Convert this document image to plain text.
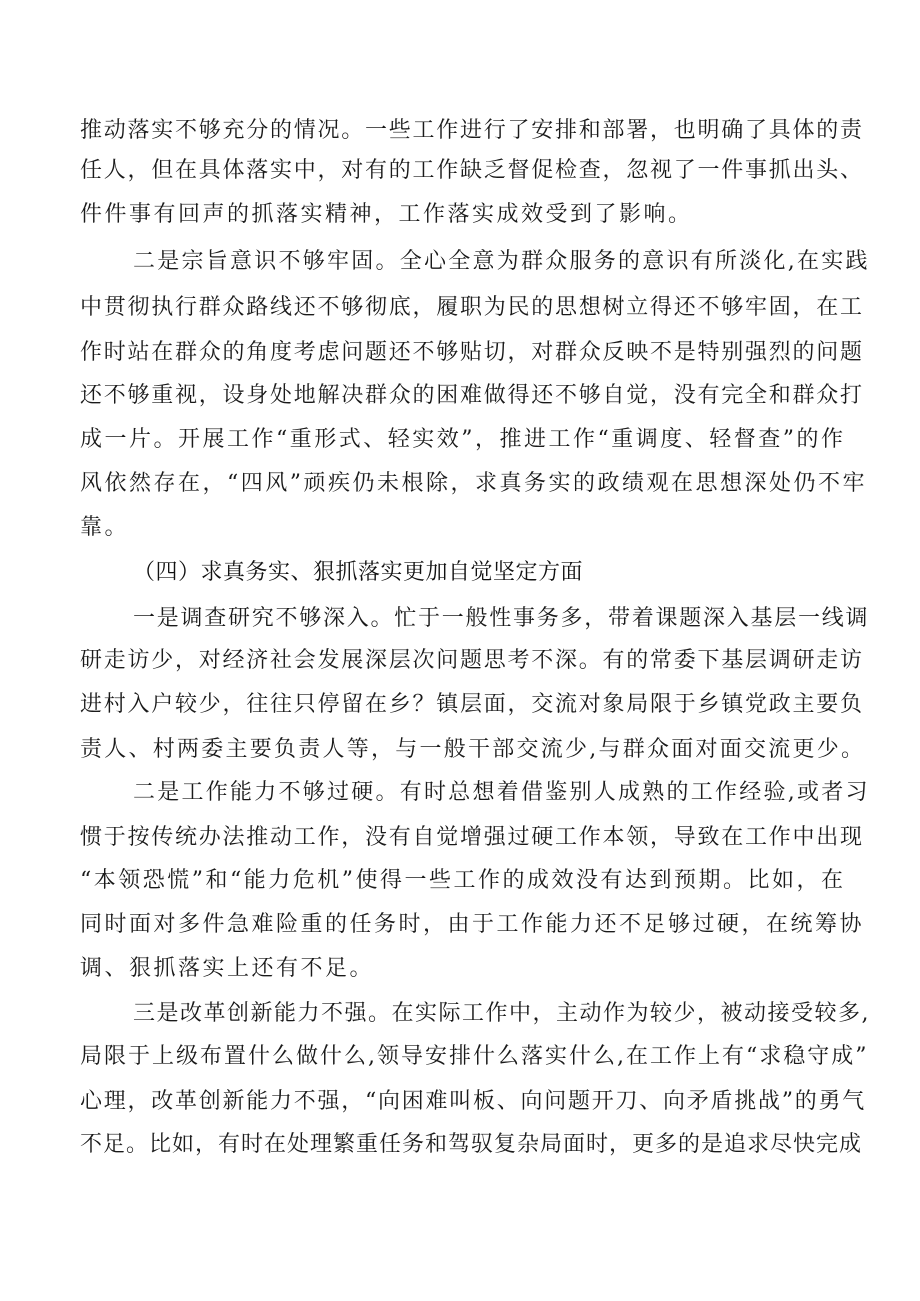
推动落实不够充分的情况。一些工作进行了安排和部署，也明确了具体的责
任人，但在具体落实中，对有的工作缺乏督促检查，忽视了一件事抓出头、
件件事有回声的抓落实精神，工作落实成效受到了影响。
二是宗旨意识不够牢固。全心全意为群众服务的意识有所淡化,在实践
中贯彻执行群众路线还不够彻底，履职为民的思想树立得还不够牢固，在工
作时站在群众的角度考虑问题还不够贴切，对群众反映不是特别强烈的问题
还不够重视，设身处地解决群众的困难做得还不够自觉，没有完全和群众打
成一片。开展工作“重形式、轻实效”，推进工作“重调度、轻督查”的作
风依然存在，“四风”顽疾仍未根除，求真务实的政绩观在思想深处仍不牢
靠。
（四）求真务实、狠抓落实更加自觉坚定方面
一是调查研究不够深入。忙于一般性事务多，带着课题深入基层一线调
研走访少，对经济社会发展深层次问题思考不深。有的常委下基层调研走访
进村入户较少，往往只停留在乡？镇层面，交流对象局限于乡镇党政主要负
责人、村两委主要负责人等，与一般干部交流少,与群众面对面交流更少。
二是工作能力不够过硬。有时总想着借鉴别人成熟的工作经验,或者习
惯于按传统办法推动工作，没有自觉增强过硬工作本领，导致在工作中出现
“本领恐慌”和“能力危机”使得一些工作的成效没有达到预期。比如，在
同时面对多件急难险重的任务时，由于工作能力还不足够过硬，在统筹协
调、狠抓落实上还有不足。
三是改革创新能力不强。在实际工作中，主动作为较少，被动接受较多,
局限于上级布置什么做什么,领导安排什么落实什么,在工作上有“求稳守成”
心理，改革创新能力不强，“向困难叫板、向问题开刀、向矛盾挑战”的勇气
不足。比如，有时在处理繁重任务和驾驭复杂局面时，更多的是追求尽快完成
